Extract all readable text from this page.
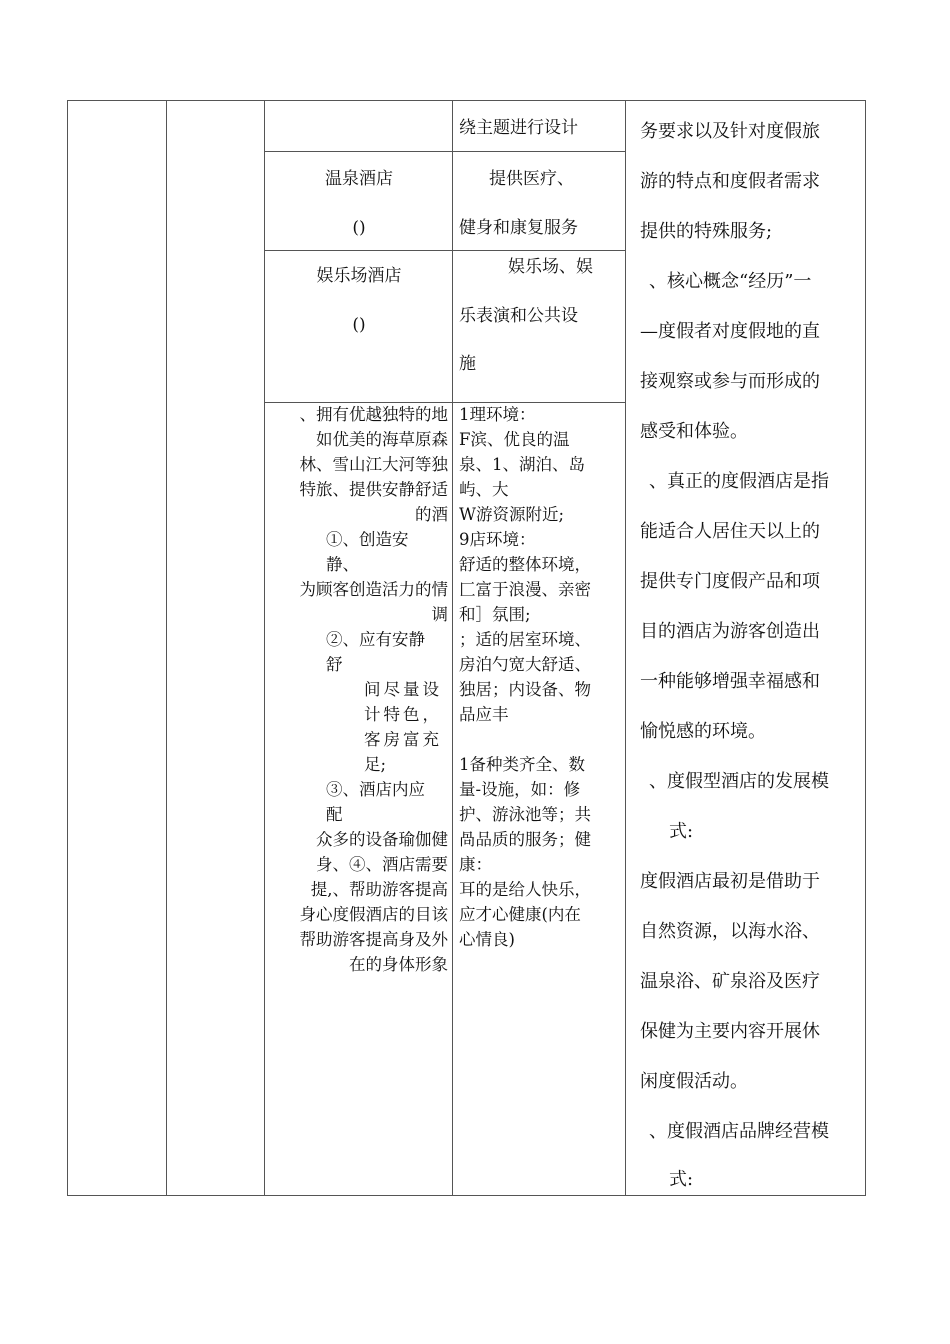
绕主题进行设计
温泉酒店
()
提供医疗、
健身和康复服务
娱乐场酒店
()
娱乐场、娱
乐表演和公共设
施
、拥有优越独特的地
如优美的海草原森
林、雪山江大河等独
特旅、提供安静舒适
的酒
①、创造安
静、
为顾客创造活力的情
调
②、应有安静
舒
间尽量设
计特色，
客房富充
足;
③、酒店内应
配
众多的设备瑜伽健
身、④、酒店需要
提,、帮助游客提高
身心度假酒店的目该
帮助游客提高身及外
在的身体形象
1理环境：
F滨、优良的温
泉、1、湖泊、岛
屿、大
W游资源附近;
9店环境：
舒适的整体环境，
匚富于浪漫、亲密
和］氛围;
；适的居室环境、
房泊勺宽大舒适、
独居；内设备、物
品应丰
1备种类齐全、数
量-设施，如：修
护、游泳池等；共
咼品质的服务；健
康：
耳的是给人快乐，
应才心健康(内在
心情良)
务要求以及针对度假旅
游的特点和度假者需求
提供的特殊服务;
、核心概念“经历”一
—度假者对度假地的直
接观察或参与而形成的
感受和体验。
、真正的度假酒店是指
能适合人居住天以上的
提供专门度假产品和项
目的酒店为游客创造出
一种能够增强幸福感和
愉悦感的环境。
、度假型酒店的发展模
式:
度假酒店最初是借助于
自然资源，以海水浴、
温泉浴、矿泉浴及医疗
保健为主要内容开展休
闲度假活动。
、度假酒店品牌经营模
式:
